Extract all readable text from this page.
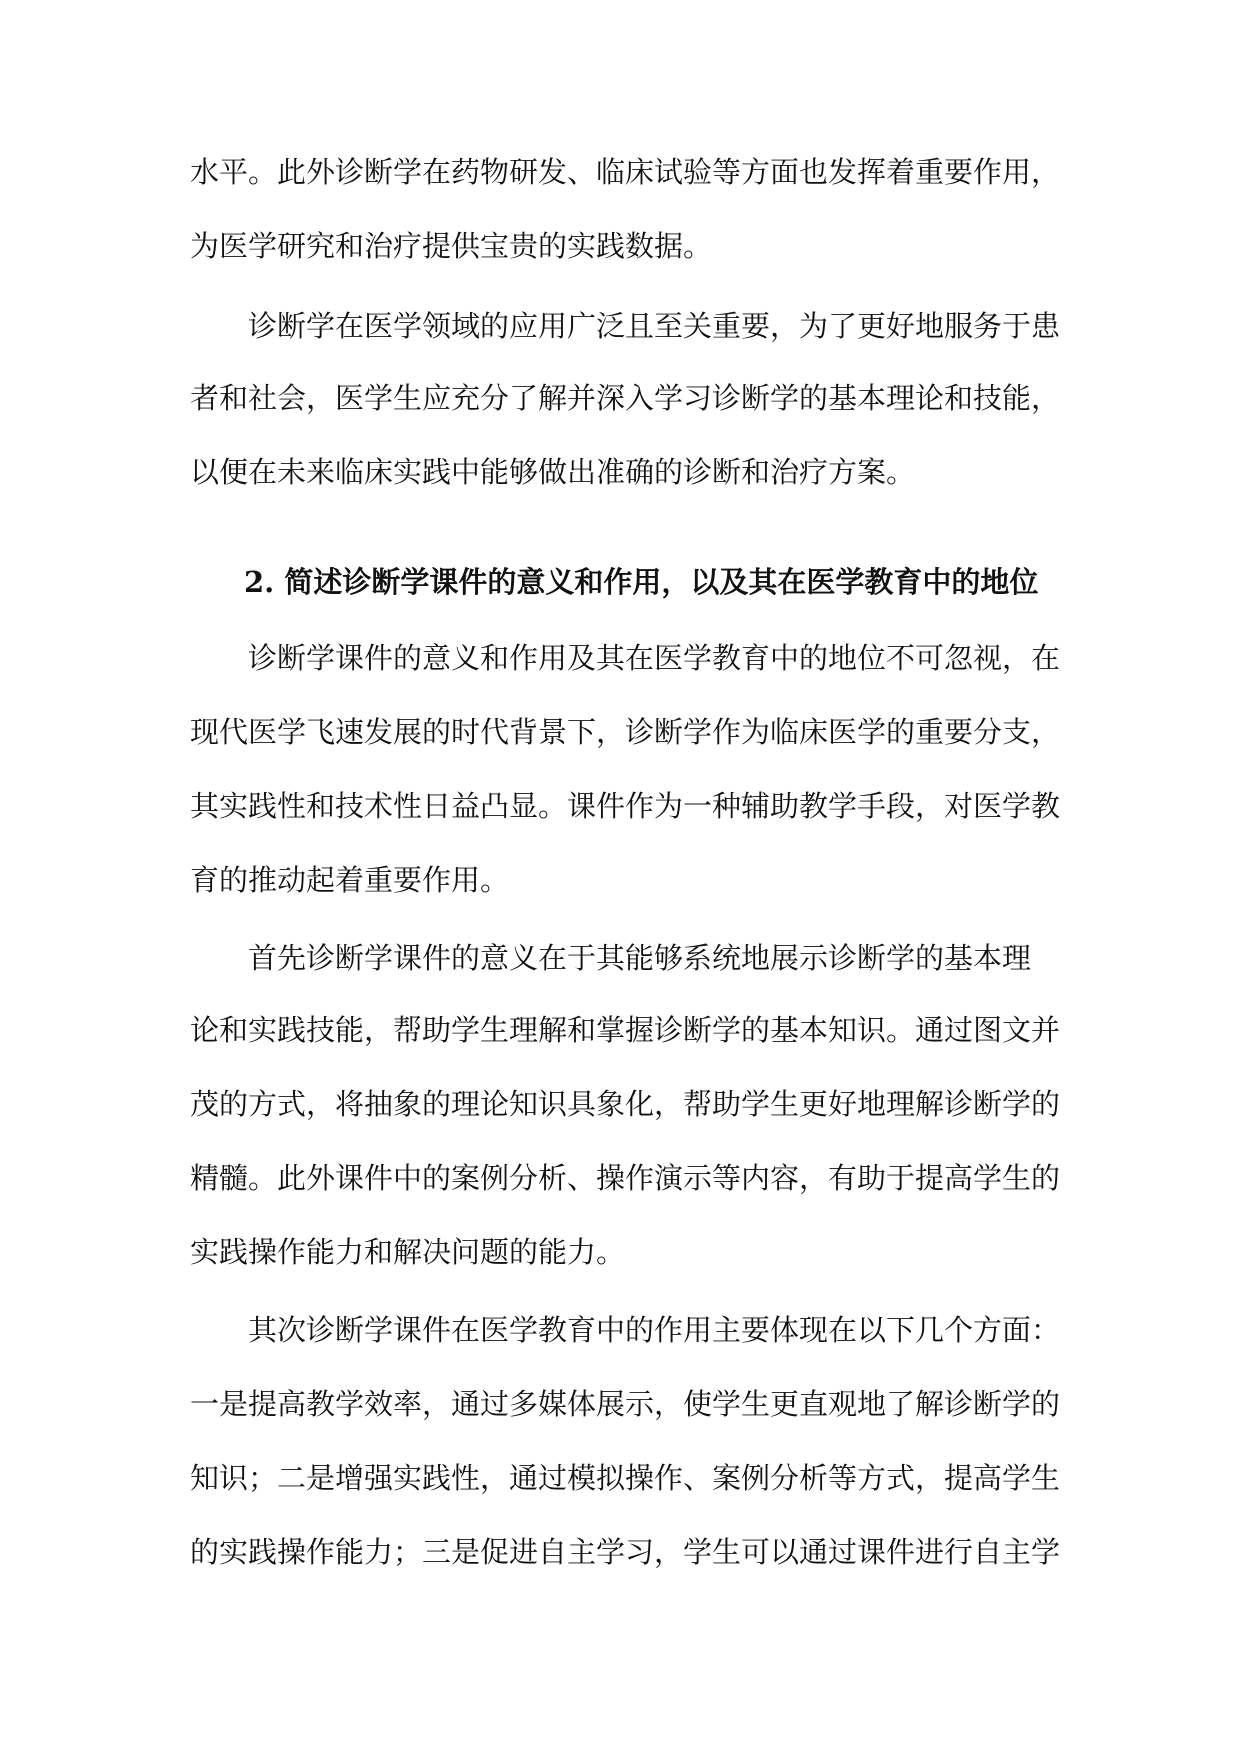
水平。此外诊断学在药物研发、临床试验等方面也发挥着重要作用，

为医学研究和治疗提供宝贵的实践数据。

诊断学在医学领域的应用广泛且至关重要，为了更好地服务于患

者和社会，医学生应充分了解并深入学习诊断学的基本理论和技能，

以便在未来临床实践中能够做出准确的诊断和治疗方案。

2. 简述诊断学课件的意义和作用，以及其在医学教育中的地位

诊断学课件的意义和作用及其在医学教育中的地位不可忽视，在

现代医学飞速发展的时代背景下，诊断学作为临床医学的重要分支，

其实践性和技术性日益凸显。课件作为一种辅助教学手段，对医学教

育的推动起着重要作用。

首先诊断学课件的意义在于其能够系统地展示诊断学的基本理

论和实践技能，帮助学生理解和掌握诊断学的基本知识。通过图文并

茂的方式，将抽象的理论知识具象化，帮助学生更好地理解诊断学的

精髓。此外课件中的案例分析、操作演示等内容，有助于提高学生的

实践操作能力和解决问题的能力。

其次诊断学课件在医学教育中的作用主要体现在以下几个方面：

一是提高教学效率，通过多媒体展示，使学生更直观地了解诊断学的

知识；二是增强实践性，通过模拟操作、案例分析等方式，提高学生

的实践操作能力；三是促进自主学习，学生可以通过课件进行自主学
